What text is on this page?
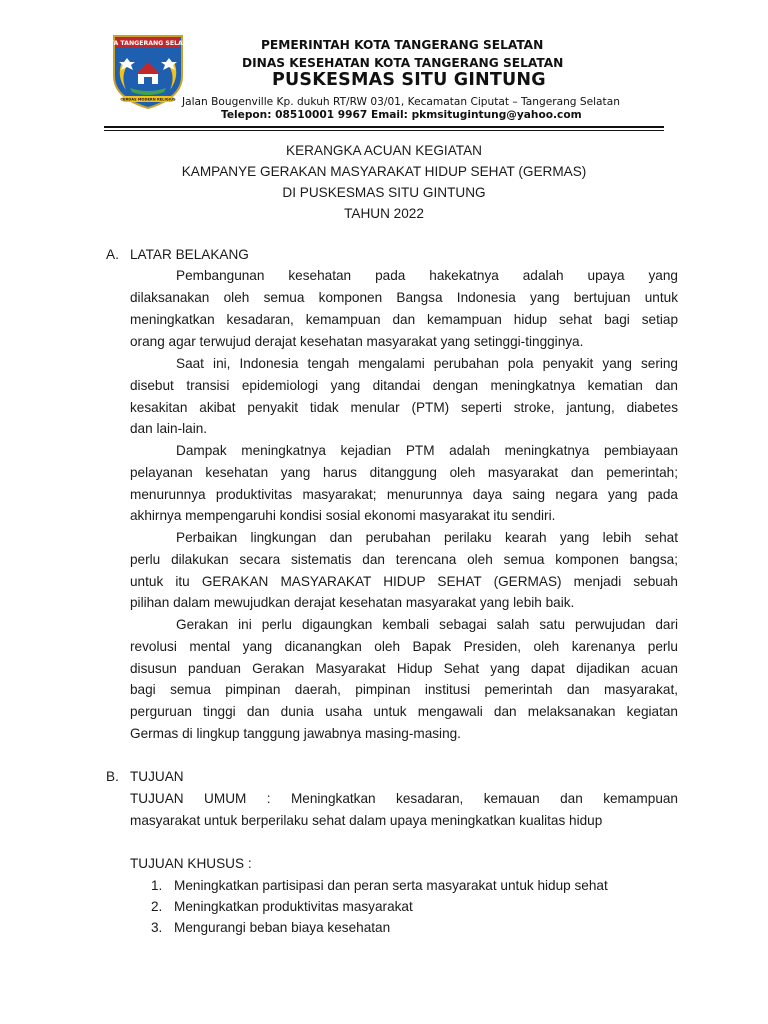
KOTA TANGERANG SELATAN
CERDAS MODERN RELIGIUS
PEMERINTAH KOTA TANGERANG SELATAN
DINAS KESEHATAN KOTA TANGERANG SELATAN
PUSKESMAS SITU GINTUNG
Jalan Bougenville Kp. dukuh RT/RW 03/01, Kecamatan Ciputat – Tangerang Selatan
Telepon: 08510001 9967 Email: pkmsitugintung@yahoo.com
KERANGKA ACUAN KEGIATAN
KAMPANYE GERAKAN MASYARAKAT HIDUP SEHAT (GERMAS)
DI PUSKESMAS SITU GINTUNG
TAHUN 2022
A. LATAR BELAKANG
Pembangunan kesehatan pada hakekatnya adalah upaya yang
dilaksanakan oleh semua komponen Bangsa Indonesia yang bertujuan untuk
meningkatkan kesadaran, kemampuan dan kemampuan hidup sehat bagi setiap
orang agar terwujud derajat kesehatan masyarakat yang setinggi-tingginya.
Saat ini, Indonesia tengah mengalami perubahan pola penyakit yang sering
disebut transisi epidemiologi yang ditandai dengan meningkatnya kematian dan
kesakitan akibat penyakit tidak menular (PTM) seperti stroke, jantung, diabetes
dan lain-lain.
Dampak meningkatnya kejadian PTM adalah meningkatnya pembiayaan
pelayanan kesehatan yang harus ditanggung oleh masyarakat dan pemerintah;
menurunnya produktivitas masyarakat; menurunnya daya saing negara yang pada
akhirnya mempengaruhi kondisi sosial ekonomi masyarakat itu sendiri.
Perbaikan lingkungan dan perubahan perilaku kearah yang lebih sehat
perlu dilakukan secara sistematis dan terencana oleh semua komponen bangsa;
untuk itu GERAKAN MASYARAKAT HIDUP SEHAT (GERMAS) menjadi sebuah
pilihan dalam mewujudkan derajat kesehatan masyarakat yang lebih baik.
Gerakan ini perlu digaungkan kembali sebagai salah satu perwujudan dari
revolusi mental yang dicanangkan oleh Bapak Presiden, oleh karenanya perlu
disusun panduan Gerakan Masyarakat Hidup Sehat yang dapat dijadikan acuan
bagi semua pimpinan daerah, pimpinan institusi pemerintah dan masyarakat,
perguruan tinggi dan dunia usaha untuk mengawali dan melaksanakan kegiatan
Germas di lingkup tanggung jawabnya masing-masing.
B. TUJUAN
TUJUAN UMUM : Meningkatkan kesadaran, kemauan dan kemampuan
masyarakat untuk berperilaku sehat dalam upaya meningkatkan kualitas hidup
TUJUAN KHUSUS :
1. Meningkatkan partisipasi dan peran serta masyarakat untuk hidup sehat
2. Meningkatkan produktivitas masyarakat
3. Mengurangi beban biaya kesehatan
